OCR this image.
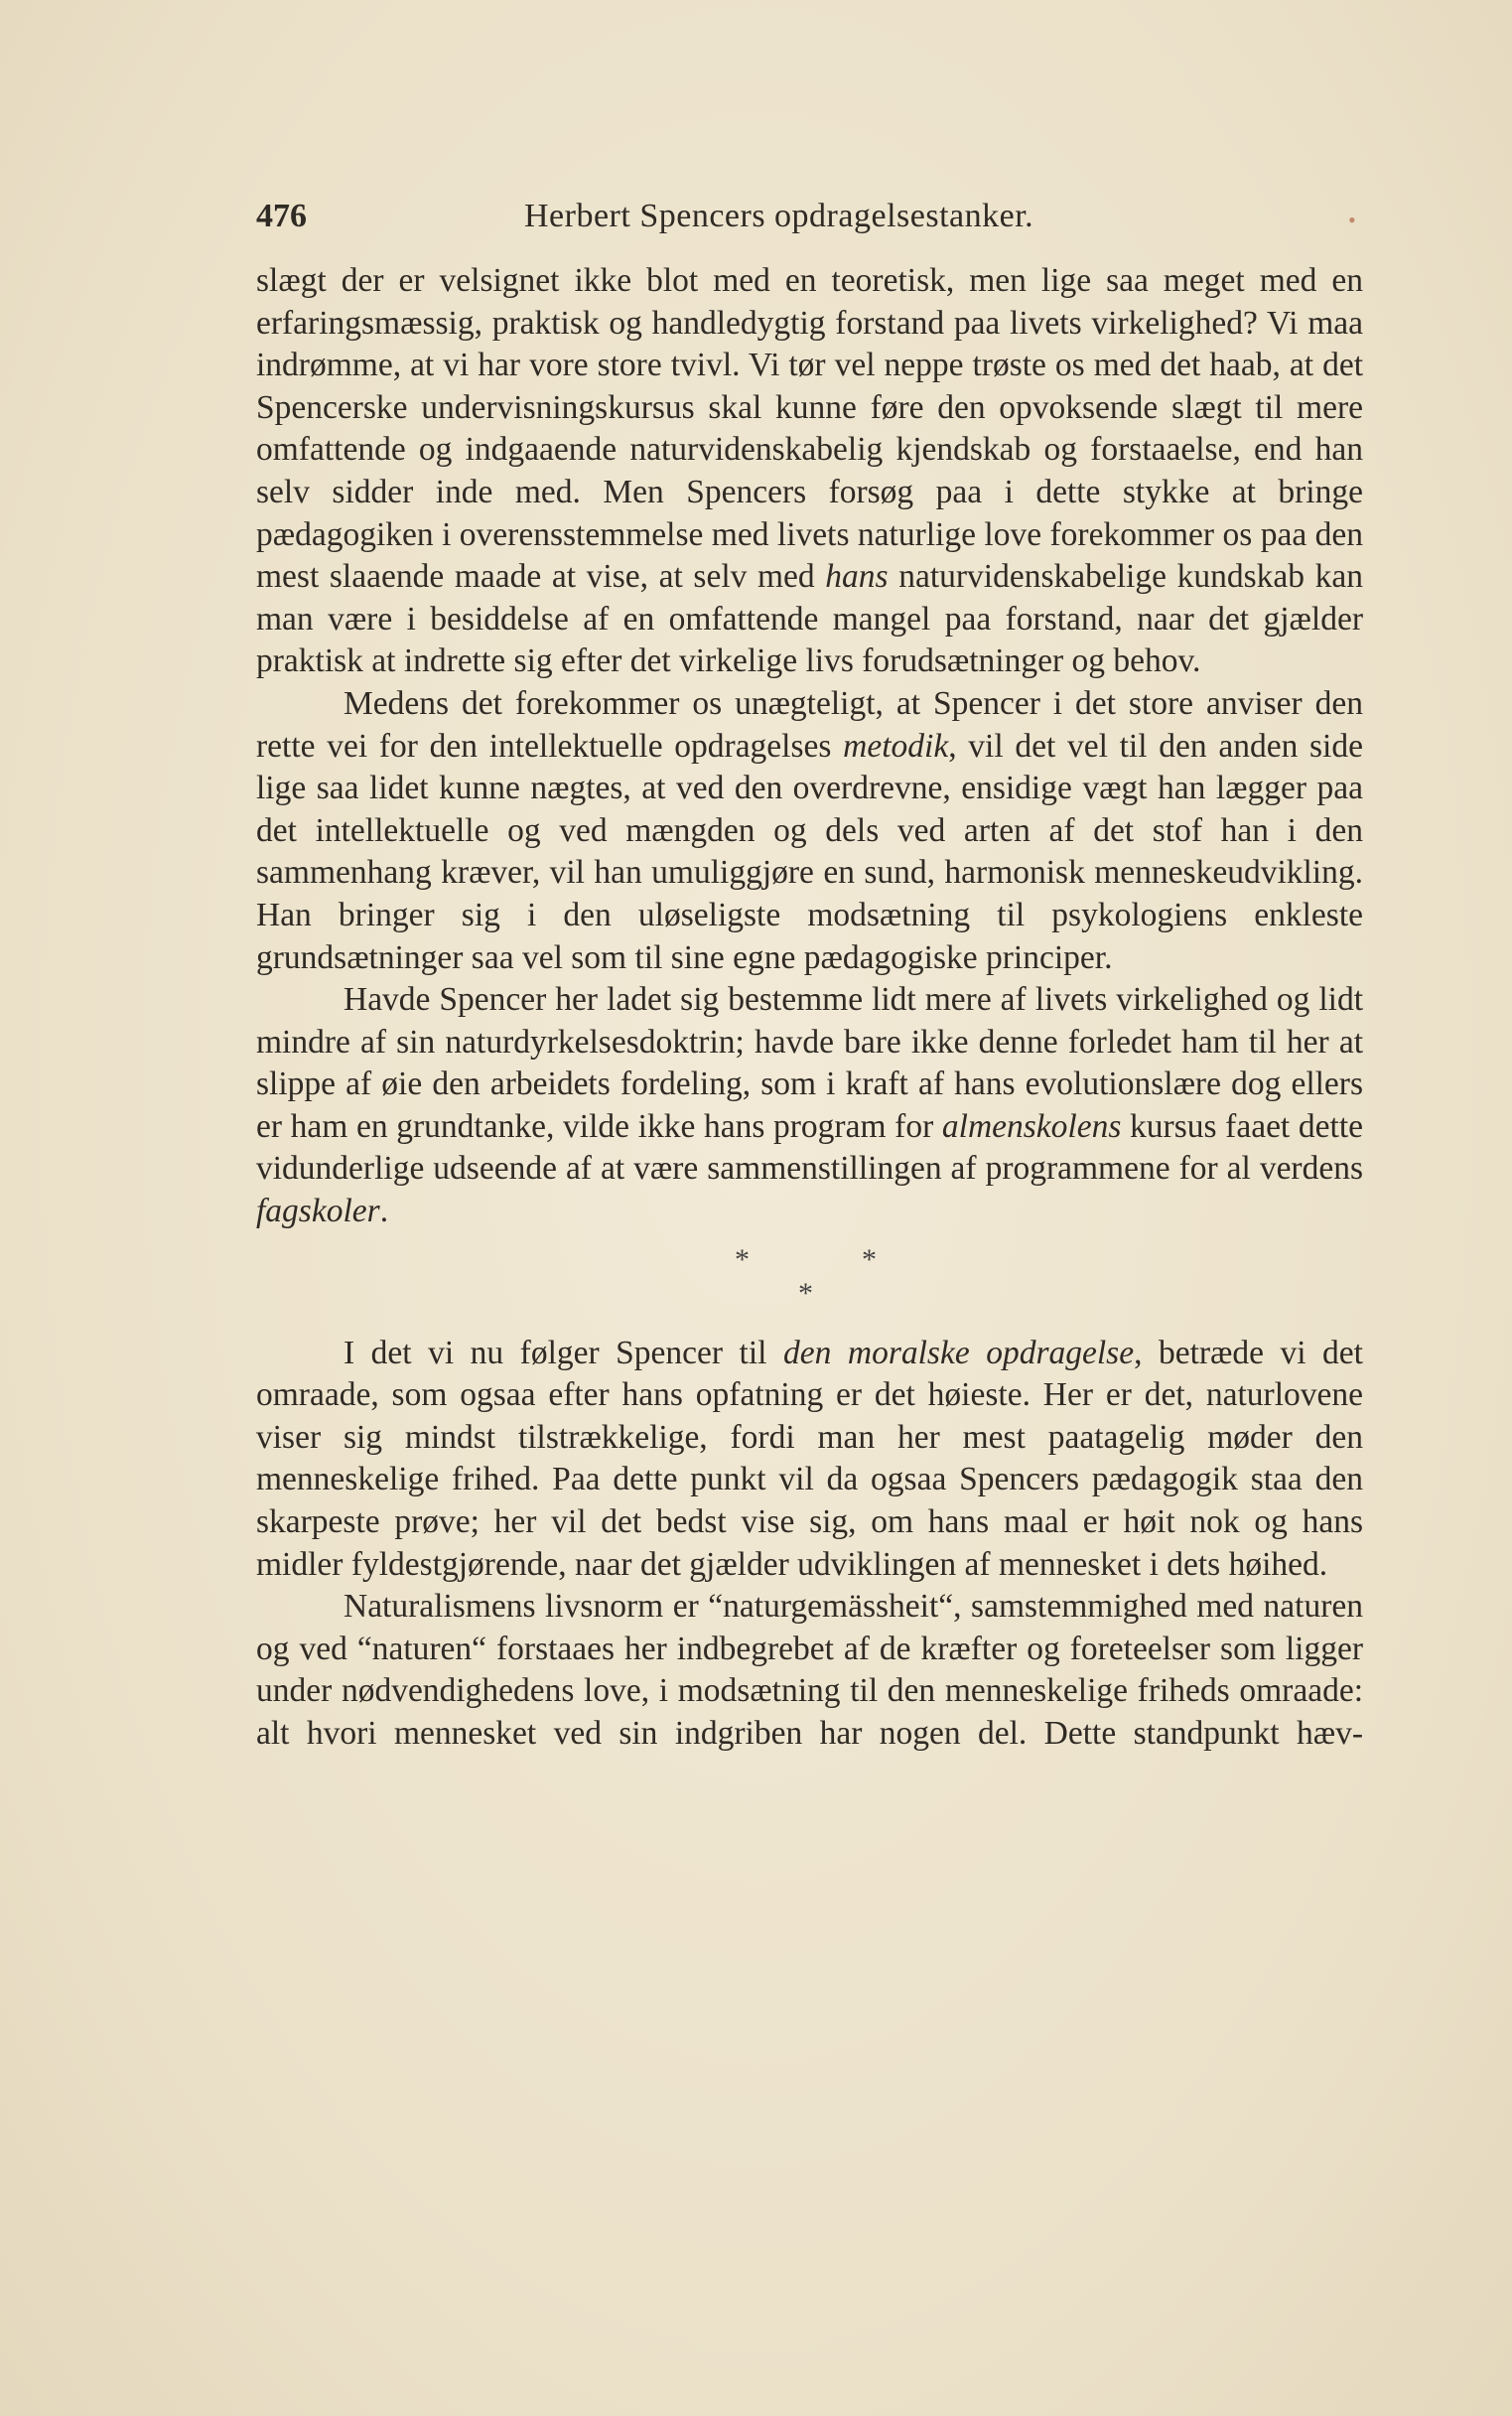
476	Herbert Spencers opdragelsestanker.	•

slægt der er velsignet ikke blot med en teoretisk, men lige saa meget med en erfaringsmæssig, praktisk og handledygtig forstand paa livets virkelighed? Vi maa indrømme, at vi har vore store tvivl. Vi tør vel neppe trøste os med det haab, at det Spencerske undervisningskursus skal kunne føre den opvoksende slægt til mere omfattende og indgaaende naturvidenskabelig kjendskab og forstaaelse, end han selv sidder inde med. Men Spencers forsøg paa i dette stykke at bringe pædagogiken i overensstemmelse med livets naturlige love forekommer os paa den mest slaaende maade at vise, at selv med hans naturvidenskabelige kundskab kan man være i besiddelse af en omfattende mangel paa forstand, naar det gjælder praktisk at indrette sig efter det virkelige livs forudsætninger og behov.

Medens det forekommer os unægteligt, at Spencer i det store anviser den rette vei for den intellektuelle opdragelses metodik, vil det vel til den anden side lige saa lidet kunne nægtes, at ved den overdrevne, ensidige vægt han lægger paa det intellektuelle og ved mængden og dels ved arten af det stof han i den sammenhang kræver, vil han umuliggjøre en sund, harmonisk menneskeudvikling. Han bringer sig i den uløseligste modsætning til psykologiens enkleste grundsætninger saa vel som til sine egne pædagogiske principer.

Havde Spencer her ladet sig bestemme lidt mere af livets virkelighed og lidt mindre af sin naturdyrkelsesdoktrin; havde bare ikke denne forledet ham til her at slippe af øie den arbeidets fordeling, som i kraft af hans evolutionslære dog ellers er ham en grundtanke, vilde ikke hans program for almenskolens kursus faaet dette vidunderlige udseende af at være sammenstillingen af programmene for al verdens fagskoler.

*	*
*

I det vi nu følger Spencer til den moralske opdragelse, betræde vi det omraade, som ogsaa efter hans opfatning er det høieste. Her er det, naturlovene viser sig mindst tilstrækkelige, fordi man her mest paatagelig møder den menneskelige frihed. Paa dette punkt vil da ogsaa Spencers pædagogik staa den skarpeste prøve; her vil det bedst vise sig, om hans maal er høit nok og hans midler fyldestgjørende, naar det gjælder udviklingen af mennesket i dets høihed.

Naturalismens livsnorm er “naturgemässheit“, samstemmighed med naturen og ved “naturen“ forstaaes her indbegrebet af de kræfter og foreteelser som ligger under nødvendighedens love, i modsætning til den menneskelige friheds omraade: alt hvori mennesket ved sin indgriben har nogen del. Dette standpunkt hæv-
